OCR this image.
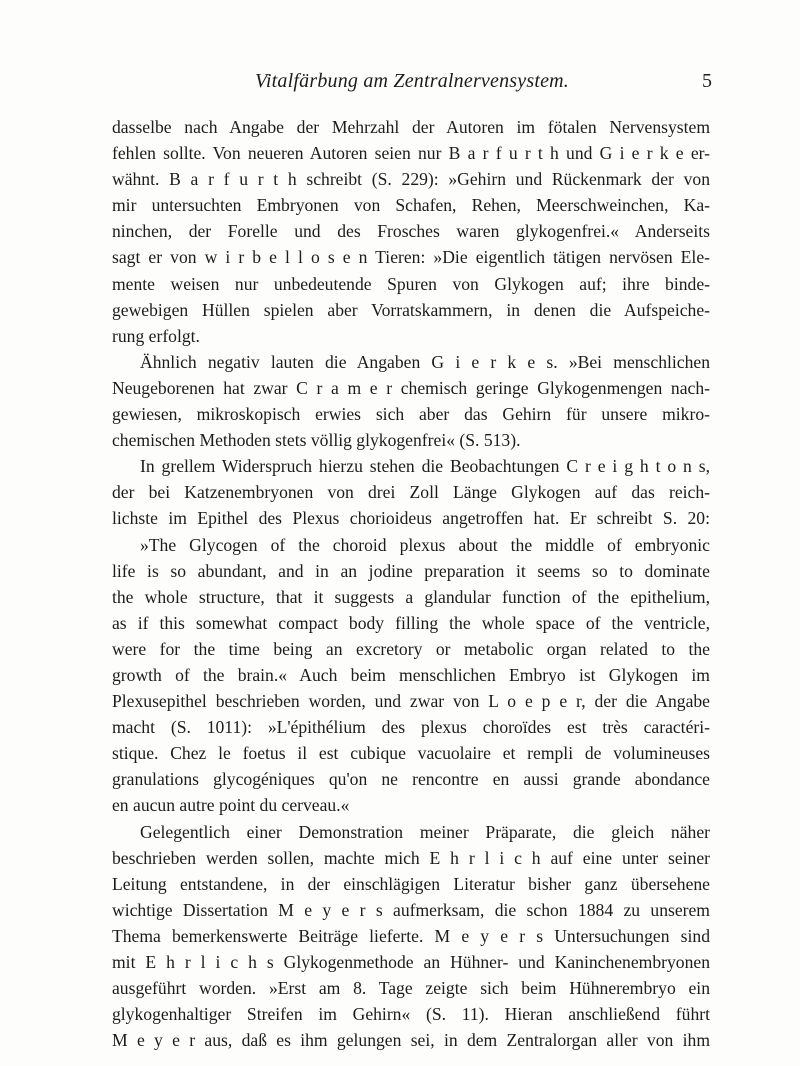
Vitalfärbung am Zentralnervensystem.	5
dasselbe nach Angabe der Mehrzahl der Autoren im fötalen Nervensystem
fehlen sollte. Von neueren Autoren seien nur B a r f u r t h und G i e r k e er-
wähnt. B a r f u r t h schreibt (S. 229): »Gehirn und Rückenmark der von
mir untersuchten Embryonen von Schafen, Rehen, Meerschweinchen, Ka-
ninchen, der Forelle und des Frosches waren glykogenfrei.« Anderseits
sagt er von w i r b e l l o s e n Tieren: »Die eigentlich tätigen nervösen Ele-
mente weisen nur unbedeutende Spuren von Glykogen auf; ihre binde-
gewebigen Hüllen spielen aber Vorratskammern, in denen die Aufspeiche-
rung erfolgt.
Ähnlich negativ lauten die Angaben G i e r k e s. »Bei menschlichen
Neugeborenen hat zwar C r a m e r chemisch geringe Glykogenmengen nach-
gewiesen, mikroskopisch erwies sich aber das Gehirn für unsere mikro-
chemischen Methoden stets völlig glykogenfrei« (S. 513).
In grellem Widerspruch hierzu stehen die Beobachtungen C r e i g h t o n s,
der bei Katzenembryonen von drei Zoll Länge Glykogen auf das reich-
lichste im Epithel des Plexus chorioideus angetroffen hat. Er schreibt S. 20:
»The Glycogen of the choroid plexus about the middle of embryonic
life is so abundant, and in an jodine preparation it seems so to dominate
the whole structure, that it suggests a glandular function of the epithelium,
as if this somewhat compact body filling the whole space of the ventricle,
were for the time being an excretory or metabolic organ related to the
growth of the brain.« Auch beim menschlichen Embryo ist Glykogen im
Plexusepithel beschrieben worden, und zwar von L o e p e r, der die Angabe
macht (S. 1011): »L'épithélium des plexus choroïdes est très caractéri-
stique. Chez le foetus il est cubique vacuolaire et rempli de volumineuses
granulations glycogéniques qu'on ne rencontre en aussi grande abondance
en aucun autre point du cerveau.«
Gelegentlich einer Demonstration meiner Präparate, die gleich näher
beschrieben werden sollen, machte mich E h r l i c h auf eine unter seiner
Leitung entstandene, in der einschlägigen Literatur bisher ganz übersehene
wichtige Dissertation M e y e r s aufmerksam, die schon 1884 zu unserem
Thema bemerkenswerte Beiträge lieferte. M e y e r s Untersuchungen sind
mit E h r l i c h s Glykogenmethode an Hühner- und Kaninchenembryonen
ausgeführt worden. »Erst am 8. Tage zeigte sich beim Hühnerembryo ein
glykogenhaltiger Streifen im Gehirn« (S. 11). Hieran anschließend führt
M e y e r aus, daß es ihm gelungen sei, in dem Zentralorgan aller von ihm
